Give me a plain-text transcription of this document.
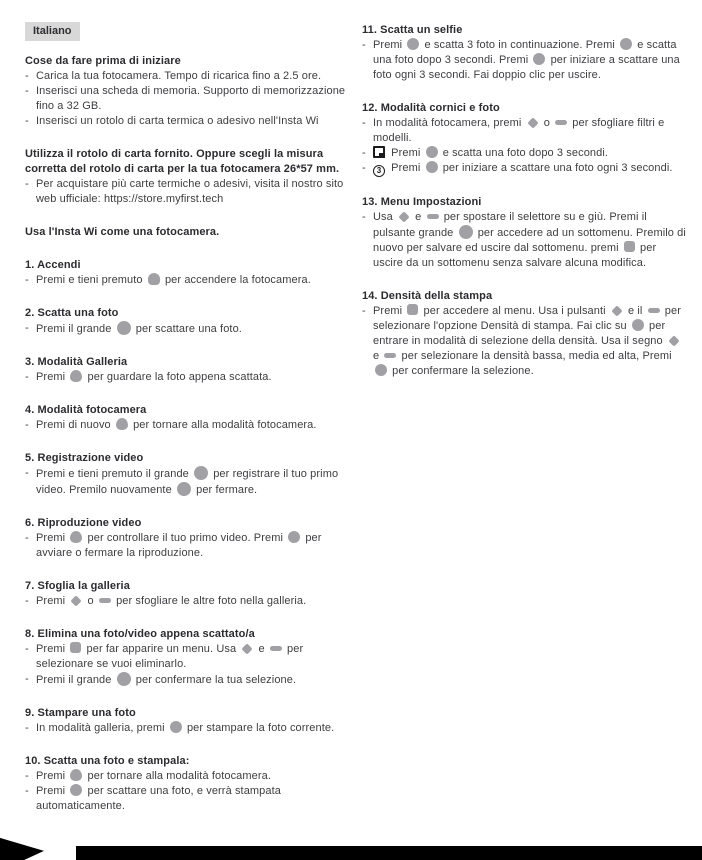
Italiano
Cose da fare prima di iniziare
- Carica la tua fotocamera. Tempo di ricarica fino a 2.5 ore.
- Inserisci una scheda di memoria. Supporto di memorizzazione fino a 32 GB.
- Inserisci un rotolo di carta termica o adesivo nell'Insta Wi
Utilizza il rotolo di carta fornito. Oppure scegli la misura corretta del rotolo di carta per la tua fotocamera 26*57 mm.
- Per acquistare più carte termiche o adesivi, visita il nostro sito web ufficiale: https://store.myfirst.tech
Usa l'Insta Wi come una fotocamera.
1. Accendi
- Premi e tieni premuto  per accendere la fotocamera.
2. Scatta una foto
- Premi il grande  per scattare una foto.
3. Modalità Galleria
- Premi  per guardare la foto appena scattata.
4. Modalità fotocamera
- Premi di nuovo  per tornare alla modalità fotocamera.
5. Registrazione video
- Premi e tieni premuto il grande  per registrare il tuo primo video. Premilo nuovamente  per fermare.
6. Riproduzione video
- Premi  per controllare il tuo primo video. Premi  per avviare o fermare la riproduzione.
7. Sfoglia la galleria
- Premi  o  per sfogliare le altre foto nella galleria.
8. Elimina una foto/video appena scattato/a
- Premi  per far apparire un menu. Usa  e  per selezionare se vuoi eliminarlo.
- Premi il grande  per confermare la tua selezione.
9. Stampare una foto
- In modalità galleria, premi  per stampare la foto corrente.
10. Scatta una foto e stampala:
- Premi  per tornare alla modalità fotocamera.
- Premi  per scattare una foto, e verrà stampata automaticamente.
11. Scatta un selfie
- Premi  e scatta 3 foto in continuazione. Premi  e scatta una foto dopo 3 secondi. Premi  per iniziare a scattare una foto ogni 3 secondi. Fai doppio clic per uscire.
12. Modalità cornici e foto
- In modalità fotocamera, premi  o  per sfogliare filtri e modelli.
- Premi  e scatta una foto dopo 3 secondi.
- 3 Premi  per iniziare a scattare una foto ogni 3 secondi.
13. Menu Impostazioni
- Usa  e  per spostare il selettore su e giù. Premi il pulsante grande  per accedere ad un sottomenu. Premilo di nuovo per salvare ed uscire dal sottomenu. premi  per uscire da un sottomenu senza salvare alcuna modifica.
14. Densità della stampa
- Premi  per accedere al menu. Usa i pulsanti  e il  per selezionare l'opzione Densità di stampa. Fai clic su  per entrare in modalità di selezione della densità. Usa il segno  e  per selezionare la densità bassa, media ed alta, Premi  per confermare la selezione.
